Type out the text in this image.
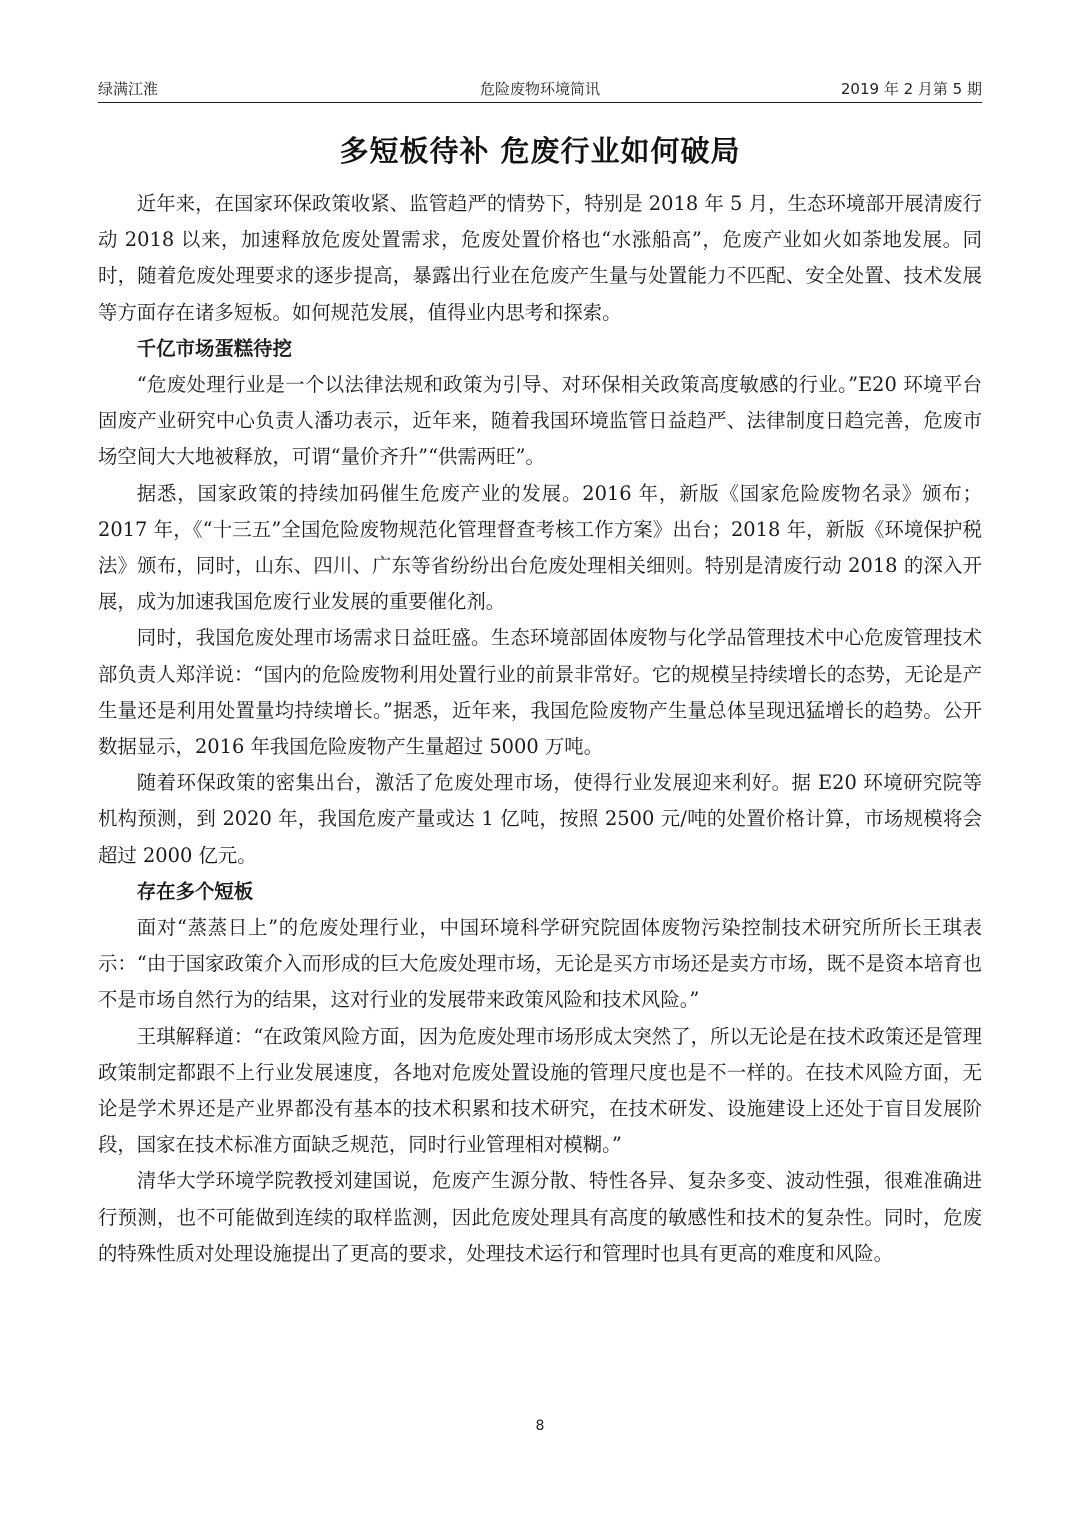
绿满江淮	危险废物环境简讯	2019 年 2 月第 5 期
多短板待补 危废行业如何破局

近年来，在国家环保政策收紧、监管趋严的情势下，特别是 2018 年 5 月，生态环境部开展清废行动 2018 以来，加速释放危废处置需求，危废处置价格也“水涨船高”，危废产业如火如荼地发展。同时，随着危废处理要求的逐步提高，暴露出行业在危废产生量与处置能力不匹配、安全处置、技术发展等方面存在诸多短板。如何规范发展，值得业内思考和探索。

千亿市场蛋糕待挖

“危废处理行业是一个以法律法规和政策为引导、对环保相关政策高度敏感的行业。”E20 环境平台固废产业研究中心负责人潘功表示，近年来，随着我国环境监管日益趋严、法律制度日趋完善，危废市场空间大大地被释放，可谓“量价齐升”“供需两旺”。

据悉，国家政策的持续加码催生危废产业的发展。2016 年，新版《国家危险废物名录》颁布；2017 年，《“十三五”全国危险废物规范化管理督查考核工作方案》出台；2018 年，新版《环境保护税法》颁布，同时，山东、四川、广东等省纷纷出台危废处理相关细则。特别是清废行动 2018 的深入开展，成为加速我国危废行业发展的重要催化剂。

同时，我国危废处理市场需求日益旺盛。生态环境部固体废物与化学品管理技术中心危废管理技术部负责人郑洋说：“国内的危险废物利用处置行业的前景非常好。它的规模呈持续增长的态势，无论是产生量还是利用处置量均持续增长。”据悉，近年来，我国危险废物产生量总体呈现迅猛增长的趋势。公开数据显示，2016 年我国危险废物产生量超过 5000 万吨。

随着环保政策的密集出台，激活了危废处理市场，使得行业发展迎来利好。据 E20 环境研究院等机构预测，到 2020 年，我国危废产量或达 1 亿吨，按照 2500 元/吨的处置价格计算，市场规模将会超过 2000 亿元。

存在多个短板

面对“蒸蒸日上”的危废处理行业，中国环境科学研究院固体废物污染控制技术研究所所长王琪表示：“由于国家政策介入而形成的巨大危废处理市场，无论是买方市场还是卖方市场，既不是资本培育也不是市场自然行为的结果，这对行业的发展带来政策风险和技术风险。”

王琪解释道：“在政策风险方面，因为危废处理市场形成太突然了，所以无论是在技术政策还是管理政策制定都跟不上行业发展速度，各地对危废处置设施的管理尺度也是不一样的。在技术风险方面，无论是学术界还是产业界都没有基本的技术积累和技术研究，在技术研发、设施建设上还处于盲目发展阶段，国家在技术标准方面缺乏规范，同时行业管理相对模糊。”

清华大学环境学院教授刘建国说，危废产生源分散、特性各异、复杂多变、波动性强，很难准确进行预测，也不可能做到连续的取样监测，因此危废处理具有高度的敏感性和技术的复杂性。同时，危废的特殊性质对处理设施提出了更高的要求，处理技术运行和管理时也具有更高的难度和风险。

8
